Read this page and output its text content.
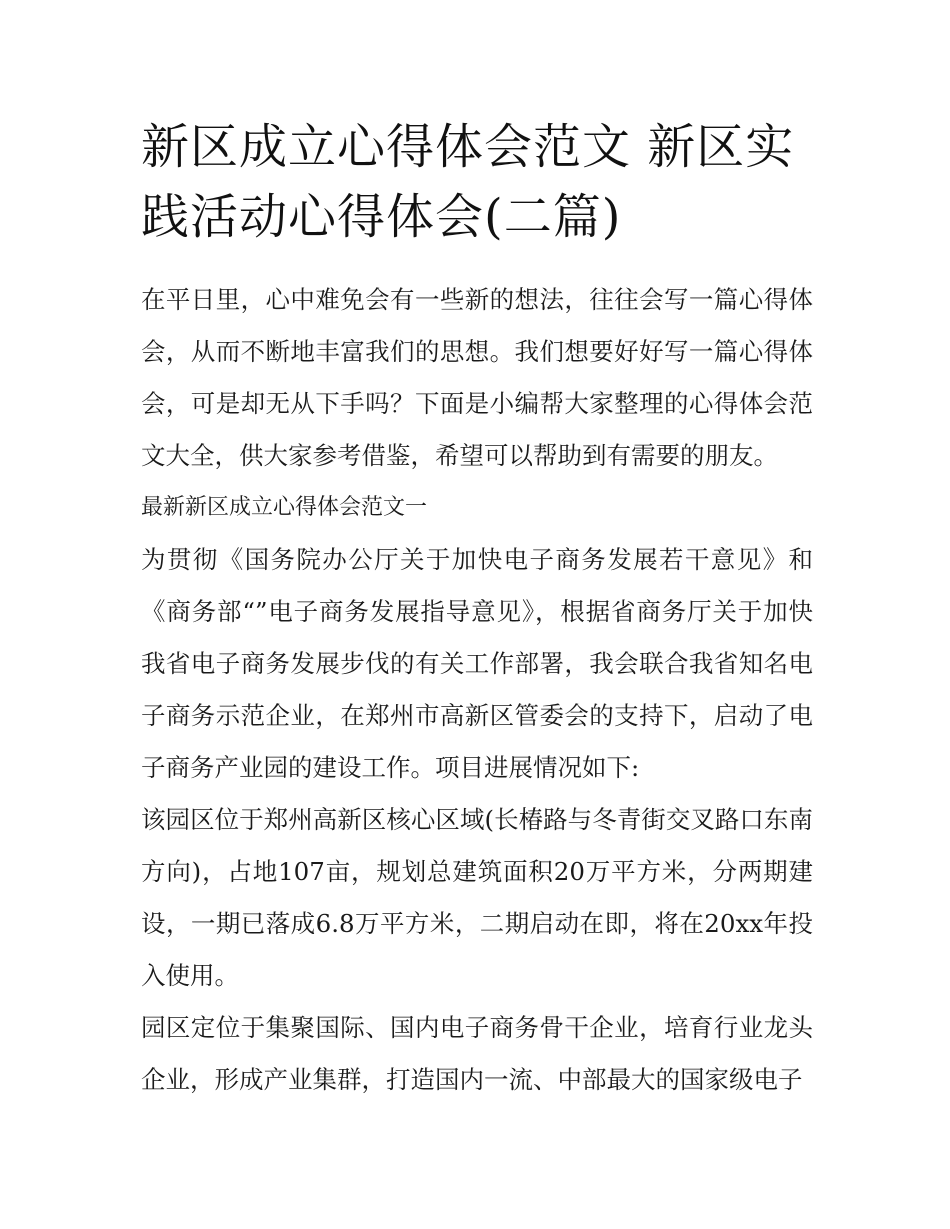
新区成立心得体会范文 新区实
践活动心得体会(二篇)

在平日里，心中难免会有一些新的想法，往往会写一篇心得体会，从而不断地丰富我们的思想。我们想要好好写一篇心得体会，可是却无从下手吗？下面是小编帮大家整理的心得体会范文大全，供大家参考借鉴，希望可以帮助到有需要的朋友。

最新新区成立心得体会范文一

为贯彻《国务院办公厅关于加快电子商务发展若干意见》和《商务部“”电子商务发展指导意见》，根据省商务厅关于加快我省电子商务发展步伐的有关工作部署，我会联合我省知名电子商务示范企业，在郑州市高新区管委会的支持下，启动了电子商务产业园的建设工作。项目进展情况如下:

该园区位于郑州高新区核心区域(长椿路与冬青街交叉路口东南方向)，占地107亩，规划总建筑面积20万平方米，分两期建设，一期已落成6.8万平方米，二期启动在即，将在20xx年投入使用。

园区定位于集聚国际、国内电子商务骨干企业，培育行业龙头企业，形成产业集群，打造国内一流、中部最大的国家级电子
